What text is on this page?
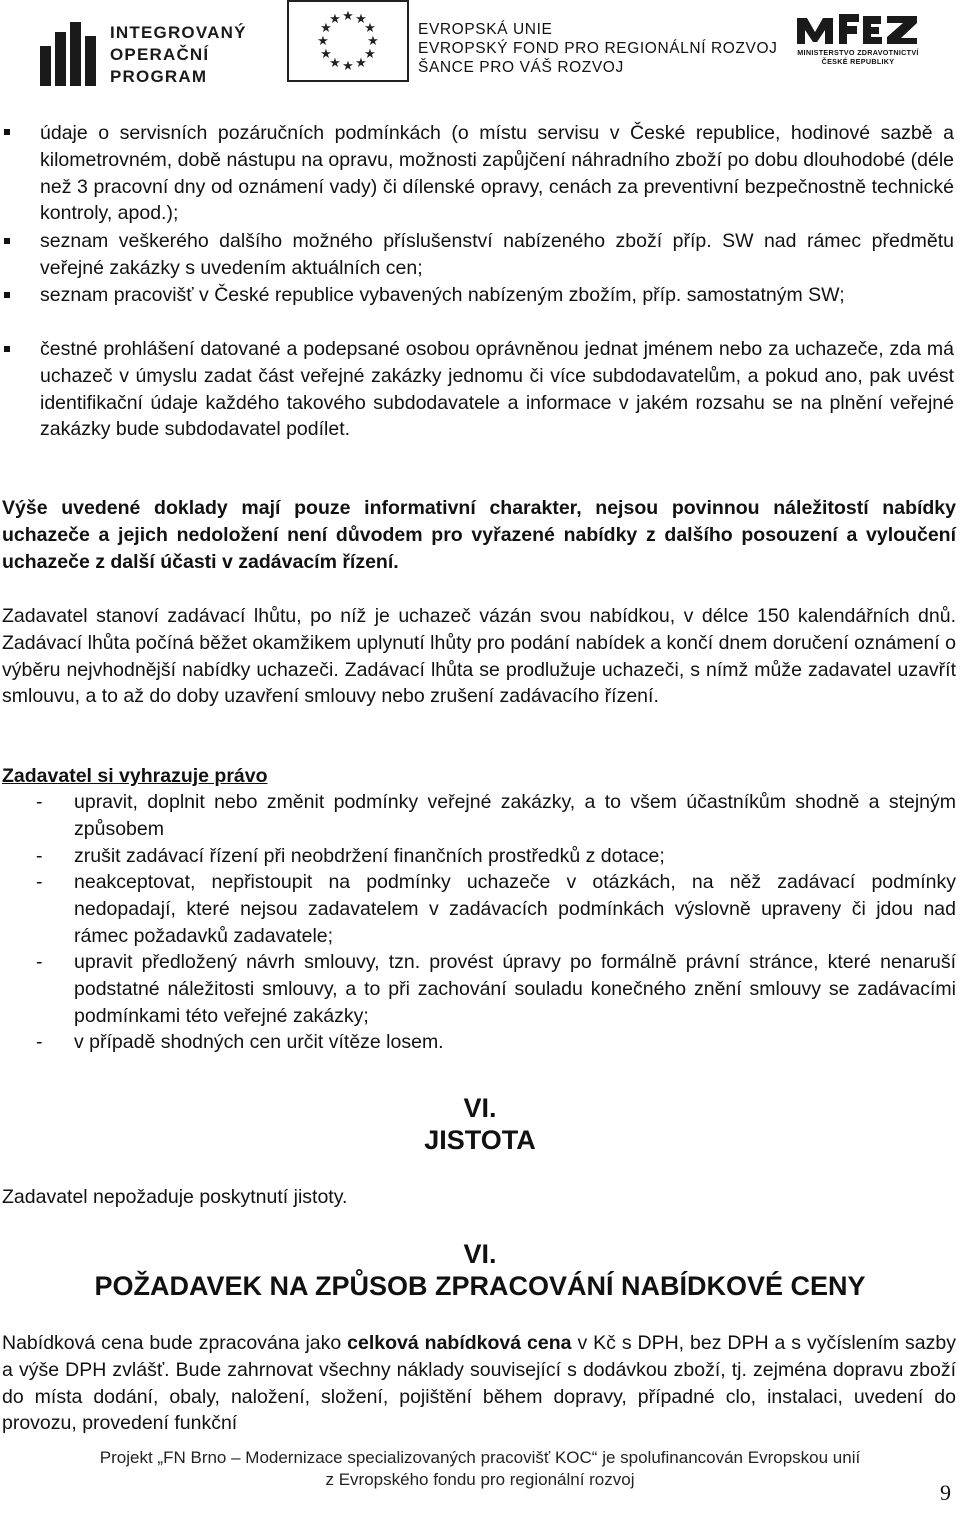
INTEGROVANÝ
OPERAČNÍ
PROGRAM
★ ★
★
★
★
★
★
★
★
★
★
★
EVROPSKÁ UNIE
EVROPSKÝ FOND PRO REGIONÁLNÍ ROZVOJ
ŠANCE PRO VÁŠ ROZVOJ
MINISTERSTVO ZDRAVOTNICTVÍ
ČESKÉ REPUBLIKY
údaje o servisních pozáručních podmínkách (o místu servisu v České republice, hodinové sazbě a kilometrovném, době nástupu na opravu, možnosti zapůjčení náhradního zboží po dobu dlouhodobé (déle než 3 pracovní dny od oznámení vady) či dílenské opravy, cenách za preventivní bezpečnostně technické kontroly, apod.);
seznam veškerého dalšího možného příslušenství nabízeného zboží příp. SW nad rámec předmětu veřejné zakázky s uvedením aktuálních cen;
seznam pracovišť v České republice vybavených nabízeným zbožím, příp. samostatným SW;
čestné prohlášení datované a podepsané osobou oprávněnou jednat jménem nebo za uchazeče, zda má uchazeč v úmyslu zadat část veřejné zakázky jednomu či více subdodavatelům, a pokud ano, pak uvést identifikační údaje každého takového subdodavatele a informace v jakém rozsahu se na plnění veřejné zakázky bude subdodavatel podílet.
Výše uvedené doklady mají pouze informativní charakter, nejsou povinnou náležitostí nabídky uchazeče a jejich nedoložení není důvodem pro vyřazené nabídky z dalšího posouzení a vyloučení uchazeče z další účasti v zadávacím řízení.
Zadavatel stanoví zadávací lhůtu, po níž je uchazeč vázán svou nabídkou, v délce 150 kalendářních dnů. Zadávací lhůta počíná běžet okamžikem uplynutí lhůty pro podání nabídek a končí dnem doručení oznámení o výběru nejvhodnější nabídky uchazeči. Zadávací lhůta se prodlužuje uchazeči, s nímž může zadavatel uzavřít smlouvu, a to až do doby uzavření smlouvy nebo zrušení zadávacího řízení.
Zadavatel si vyhrazuje právo
- upravit, doplnit nebo změnit podmínky veřejné zakázky, a to všem účastníkům shodně a stejným způsobem
- zrušit zadávací řízení při neobdržení finančních prostředků z dotace;
- neakceptovat, nepřistoupit na podmínky uchazeče v otázkách, na něž zadávací podmínky nedopadají, které nejsou zadavatelem v zadávacích podmínkách výslovně upraveny či jdou nad rámec požadavků zadavatele;
- upravit předložený návrh smlouvy, tzn. provést úpravy po formálně právní stránce, které nenaruší podstatné náležitosti smlouvy, a to při zachování souladu konečného znění smlouvy se zadávacími podmínkami této veřejné zakázky;
- v případě shodných cen určit vítěze losem.
VI.
JISTOTA
Zadavatel nepožaduje poskytnutí jistoty.
VI.
POŽADAVEK NA ZPŮSOB ZPRACOVÁNÍ NABÍDKOVÉ CENY
Nabídková cena bude zpracována jako celková nabídková cena v Kč s DPH, bez DPH a s vyčíslením sazby a výše DPH zvlášť. Bude zahrnovat všechny náklady související s dodávkou zboží, tj. zejména dopravu zboží do místa dodání, obaly, naložení, složení, pojištění během dopravy, případné clo, instalaci, uvedení do provozu, provedení funkční
Projekt „FN Brno – Modernizace specializovaných pracovišť KOC“ je spolufinancován Evropskou unií
z Evropského fondu pro regionální rozvoj
9
